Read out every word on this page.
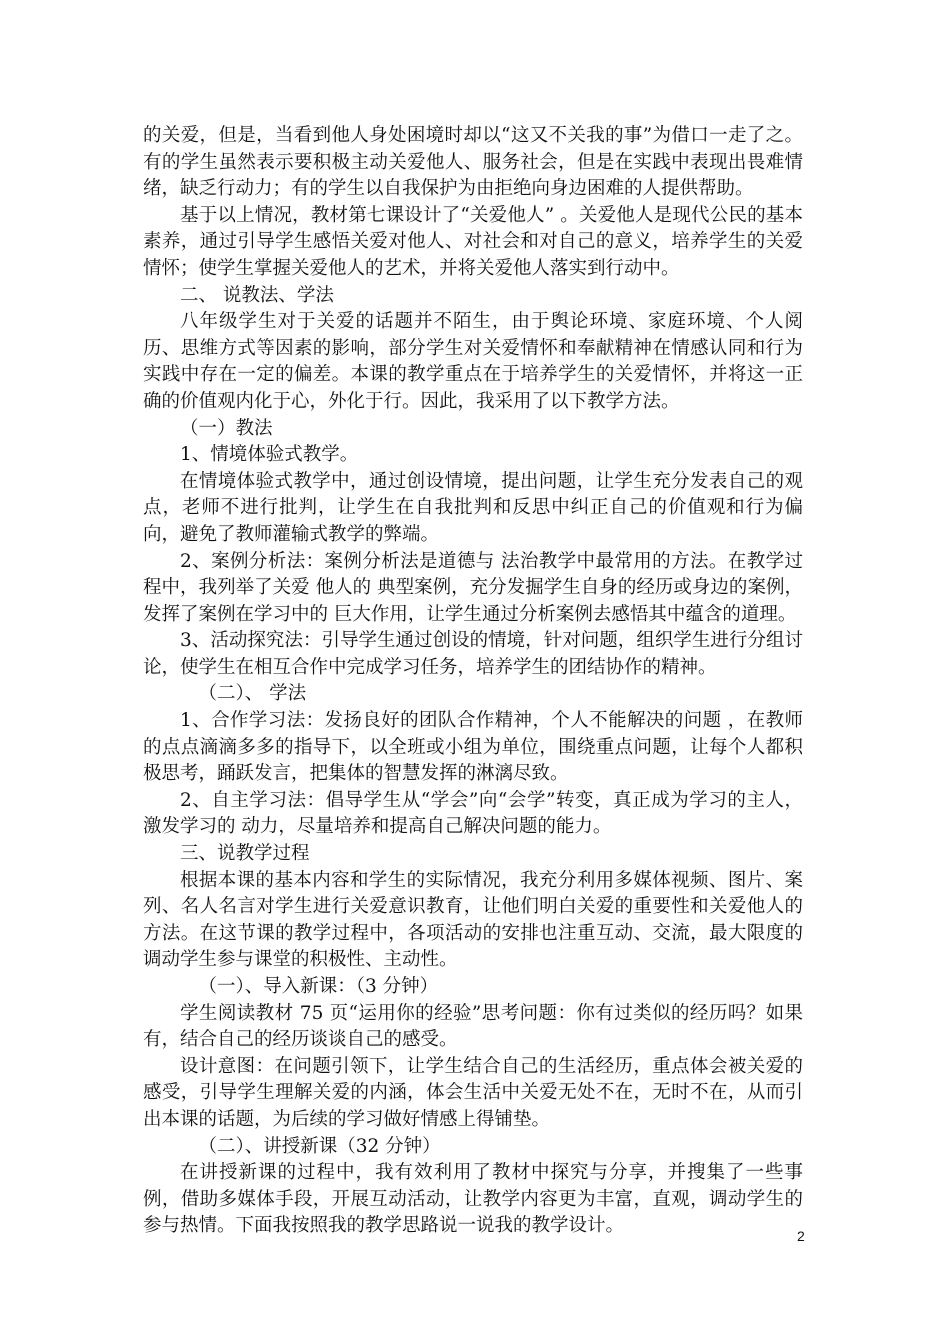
的关爱，但是，当看到他人身处困境时却以“这又不关我的事”为借口一走了之。有的学生虽然表示要积极主动关爱他人、服务社会，但是在实践中表现出畏难情绪，缺乏行动力；有的学生以自我保护为由拒绝向身边困难的人提供帮助。

基于以上情况，教材第七课设计了“关爱他人” 。关爱他人是现代公民的基本素养，通过引导学生感悟关爱对他人、对社会和对自己的意义，培养学生的关爱情怀；使学生掌握关爱他人的艺术，并将关爱他人落实到行动中。

二、 说教法、学法

八年级学生对于关爱的话题并不陌生，由于舆论环境、家庭环境、个人阅历、思维方式等因素的影响，部分学生对关爱情怀和奉献精神在情感认同和行为实践中存在一定的偏差。本课的教学重点在于培养学生的关爱情怀，并将这一正确的价值观内化于心，外化于行。因此，我采用了以下教学方法。

（一）教法

1、情境体验式教学。

在情境体验式教学中，通过创设情境，提出问题，让学生充分发表自己的观点，老师不进行批判，让学生在自我批判和反思中纠正自己的价值观和行为偏向，避免了教师灌输式教学的弊端。

2、案例分析法：案例分析法是道德与 法治教学中最常用的方法。在教学过程中，我列举了关爱 他人的 典型案例，充分发掘学生自身的经历或身边的案例，发挥了案例在学习中的 巨大作用，让学生通过分析案例去感悟其中蕴含的道理。

3、活动探究法：引导学生通过创设的情境，针对问题，组织学生进行分组讨论，使学生在相互合作中完成学习任务，培养学生的团结协作的精神。

（二）、 学法

1、合作学习法：发扬良好的团队合作精神，个人不能解决的问题 ，在教师的点点滴滴多多的指导下，以全班或小组为单位，围绕重点问题，让每个人都积极思考，踊跃发言，把集体的智慧发挥的淋漓尽致。

2、自主学习法：倡导学生从“学会”向“会学”转变，真正成为学习的主人，激发学习的 动力，尽量培养和提高自己解决问题的能力。

三、说教学过程

根据本课的基本内容和学生的实际情况，我充分利用多媒体视频、图片、案列、名人名言对学生进行关爱意识教育，让他们明白关爱的重要性和关爱他人的 方法。在这节课的教学过程中，各项活动的安排也注重互动、交流，最大限度的调动学生参与课堂的积极性、主动性。

（一）、导入新课：（3 分钟）

学生阅读教材 75 页“运用你的经验”思考问题：你有过类似的经历吗？如果有，结合自己的经历谈谈自己的感受。

设计意图：在问题引领下，让学生结合自己的生活经历，重点体会被关爱的感受，引导学生理解关爱的内涵，体会生活中关爱无处不在，无时不在，从而引出本课的话题，为后续的学习做好情感上得铺垫。

（二）、讲授新课（32 分钟）

在讲授新课的过程中，我有效利用了教材中探究与分享，并搜集了一些事例，借助多媒体手段，开展互动活动，让教学内容更为丰富，直观，调动学生的参与热情。下面我按照我的教学思路说一说我的教学设计。	2
